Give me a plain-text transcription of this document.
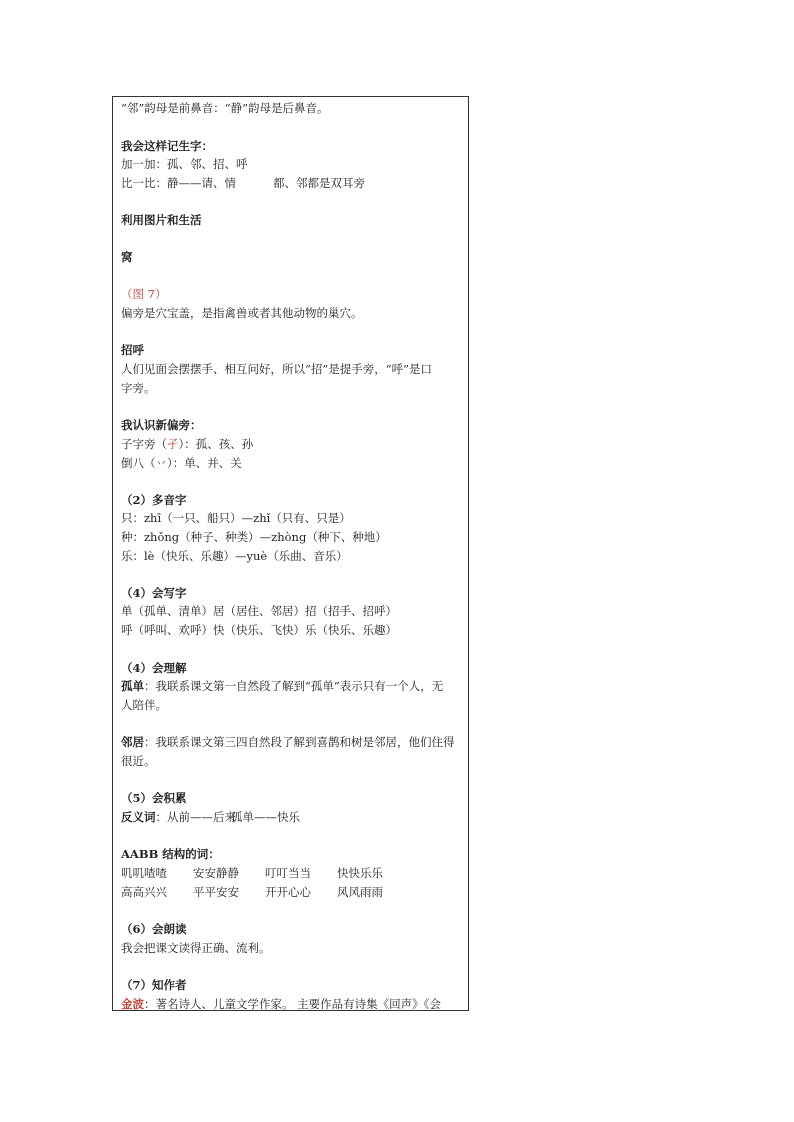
“邻”韵母是前鼻音：“静”韵母是后鼻音。
我会这样记生字：
加一加：孤、邻、招、呼
比一比：静——请、情	都、邻都是双耳旁
利用图片和生活
窝
（图 7）
偏旁是穴宝盖，是指禽兽或者其他动物的巢穴。
招呼
人们见面会摆摆手、相互问好，所以“招”是提手旁，“呼”是口
字旁。
我认识新偏旁：
子字旁（孑）：孤、孩、孙
倒八（丷）：单、并、关
（2）多音字
只：zhī（一只、船只）—zhǐ（只有、只是）
种：zhǒng（种子、种类）—zhòng（种下、种地）
乐：lè（快乐、乐趣）—yuè（乐曲、音乐）
（4）会写字
单（孤单、清单）居（居住、邻居）招（招手、招呼）
呼（呼叫、欢呼）快（快乐、飞快）乐（快乐、乐趣）
（4）会理解
孤单：我联系课文第一自然段了解到“孤单”表示只有一个人，无
人陪伴。
邻居：我联系课文第三四自然段了解到喜鹊和树是邻居，他们住得
很近。
（5）会积累
反义词：从前——后来
孤单——快乐
AABB 结构的词：
叽叽喳喳 安安静静 叮叮当当 快快乐乐
高高兴兴 平平安安 开开心心 风风雨雨
（6）会朗读
我会把课文读得正确、流利。
（7）知作者
金波：著名诗人、儿童文学作家。 主要作品有诗集《回声》《会
